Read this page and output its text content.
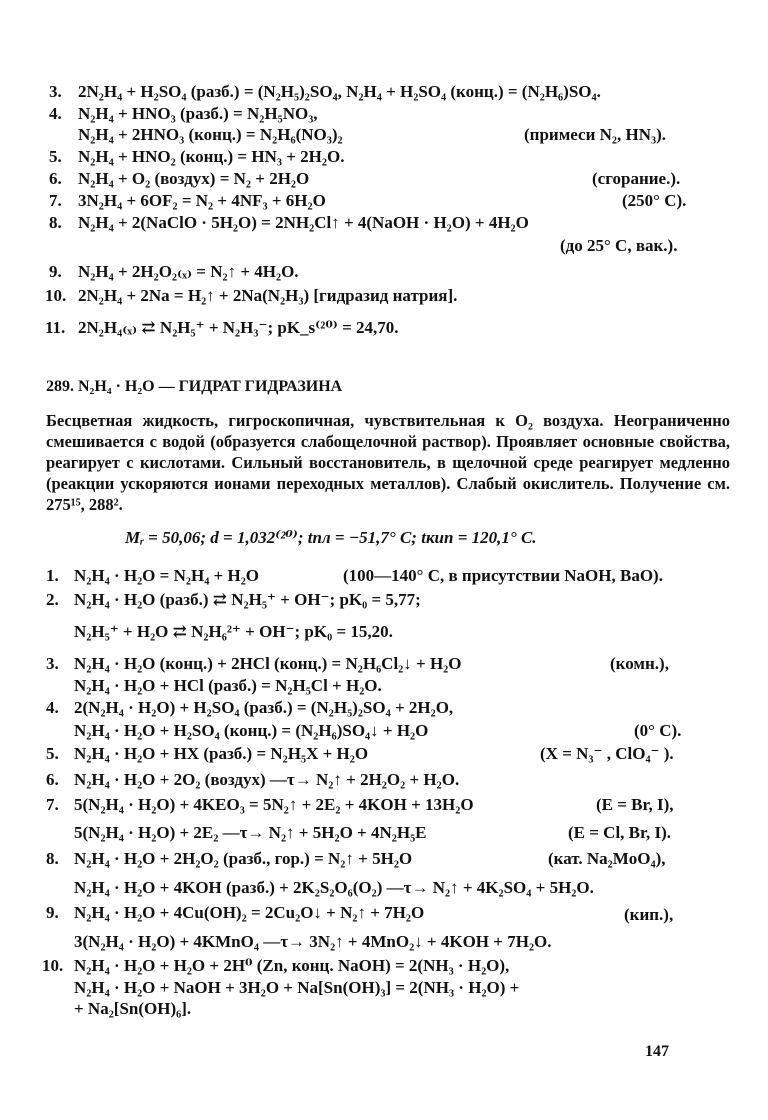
3. 2N₂H₄ + H₂SO₄ (разб.) = (N₂H₅)₂SO₄, N₂H₄ + H₂SO₄ (конц.) = (N₂H₆)SO₄.
4. N₂H₄ + HNO₃ (разб.) = N₂H₅NO₃,
N₂H₄ + 2HNO₃ (конц.) = N₂H₆(NO₃)₂	(примеси N₂, HN₃).
5. N₂H₄ + HNO₂ (конц.) = HN₃ + 2H₂O.
6. N₂H₄ + O₂ (воздух) = N₂ + 2H₂O	(сгорание.).
7. 3N₂H₄ + 6OF₂ = N₂ + 4NF₃ + 6H₂O	(250° C).
8. N₂H₄ + 2(NaClO · 5H₂O) = 2NH₂Cl↑ + 4(NaOH · H₂O) + 4H₂O
(до 25° C, вак.).
9. N₂H₄ + 2H₂O₂₍ₓ₎ = N₂↑ + 4H₂O.
10. 2N₂H₄ + 2Na = H₂↑ + 2Na(N₂H₃) [гидразид натрия].
11. 2N₂H₄₍ₓ₎ ⇄ N₂H₅⁺ + N₂H₃⁻; pK_s⁽²⁰⁾ = 24,70.
289. N₂H₄ · H₂O — ГИДРАТ ГИДРАЗИНА
Бесцветная жидкость, гигроскопичная, чувствительная к O₂ воздуха. Неограниченно смешивается с водой (образуется слабощелочной раствор). Проявляет основные свойства, реагирует с кислотами. Сильный восстановитель, в щелочной среде реагирует медленно (реакции ускоряются ионами переходных металлов). Слабый окислитель. Получение см. 275¹⁵, 288².
Mᵣ = 50,06; d = 1,032⁽²⁰⁾; tпл = −51,7° C; tкип = 120,1° C.
1. N₂H₄ · H₂O = N₂H₄ + H₂O	(100—140° C, в присутствии NaOH, BaO).
2. N₂H₄ · H₂O (разб.) ⇄ N₂H₅⁺ + OH⁻; pK₀ = 5,77;
N₂H₅⁺ + H₂O ⇄ N₂H₆²⁺ + OH⁻; pK₀ = 15,20.
3. N₂H₄ · H₂O (конц.) + 2HCl (конц.) = N₂H₆Cl₂↓ + H₂O	(комн.),
N₂H₄ · H₂O + HCl (разб.) = N₂H₅Cl + H₂O.
4. 2(N₂H₄ · H₂O) + H₂SO₄ (разб.) = (N₂H₅)₂SO₄ + 2H₂O,
N₂H₄ · H₂O + H₂SO₄ (конц.) = (N₂H₆)SO₄↓ + H₂O	(0° C).
5. N₂H₄ · H₂O + HX (разб.) = N₂H₅X + H₂O	(X = N₃⁻ , ClO₄⁻ ).
6. N₂H₄ · H₂O + 2O₂ (воздух) —τ→ N₂↑ + 2H₂O₂ + H₂O.
7. 5(N₂H₄ · H₂O) + 4KEO₃ = 5N₂↑ + 2E₂ + 4KOH + 13H₂O	(E = Br, I),
5(N₂H₄ · H₂O) + 2E₂ —τ→ N₂↑ + 5H₂O + 4N₂H₅E	(E = Cl, Br, I).
8. N₂H₄ · H₂O + 2H₂O₂ (разб., гор.) = N₂↑ + 5H₂O	(кат. Na₂MoO₄),
N₂H₄ · H₂O + 4KOH (разб.) + 2K₂S₂O₆(O₂) —τ→ N₂↑ + 4K₂SO₄ + 5H₂O.
9. N₂H₄ · H₂O + 4Cu(OH)₂ = 2Cu₂O↓ + N₂↑ + 7H₂O	(кип.),
3(N₂H₄ · H₂O) + 4KMnO₄ —τ→ 3N₂↑ + 4MnO₂↓ + 4KOH + 7H₂O.
10. N₂H₄ · H₂O + H₂O + 2H⁰ (Zn, конц. NaOH) = 2(NH₃ · H₂O),
N₂H₄ · H₂O + NaOH + 3H₂O + Na[Sn(OH)₃] = 2(NH₃ · H₂O) +
+ Na₂[Sn(OH)₆].
147
